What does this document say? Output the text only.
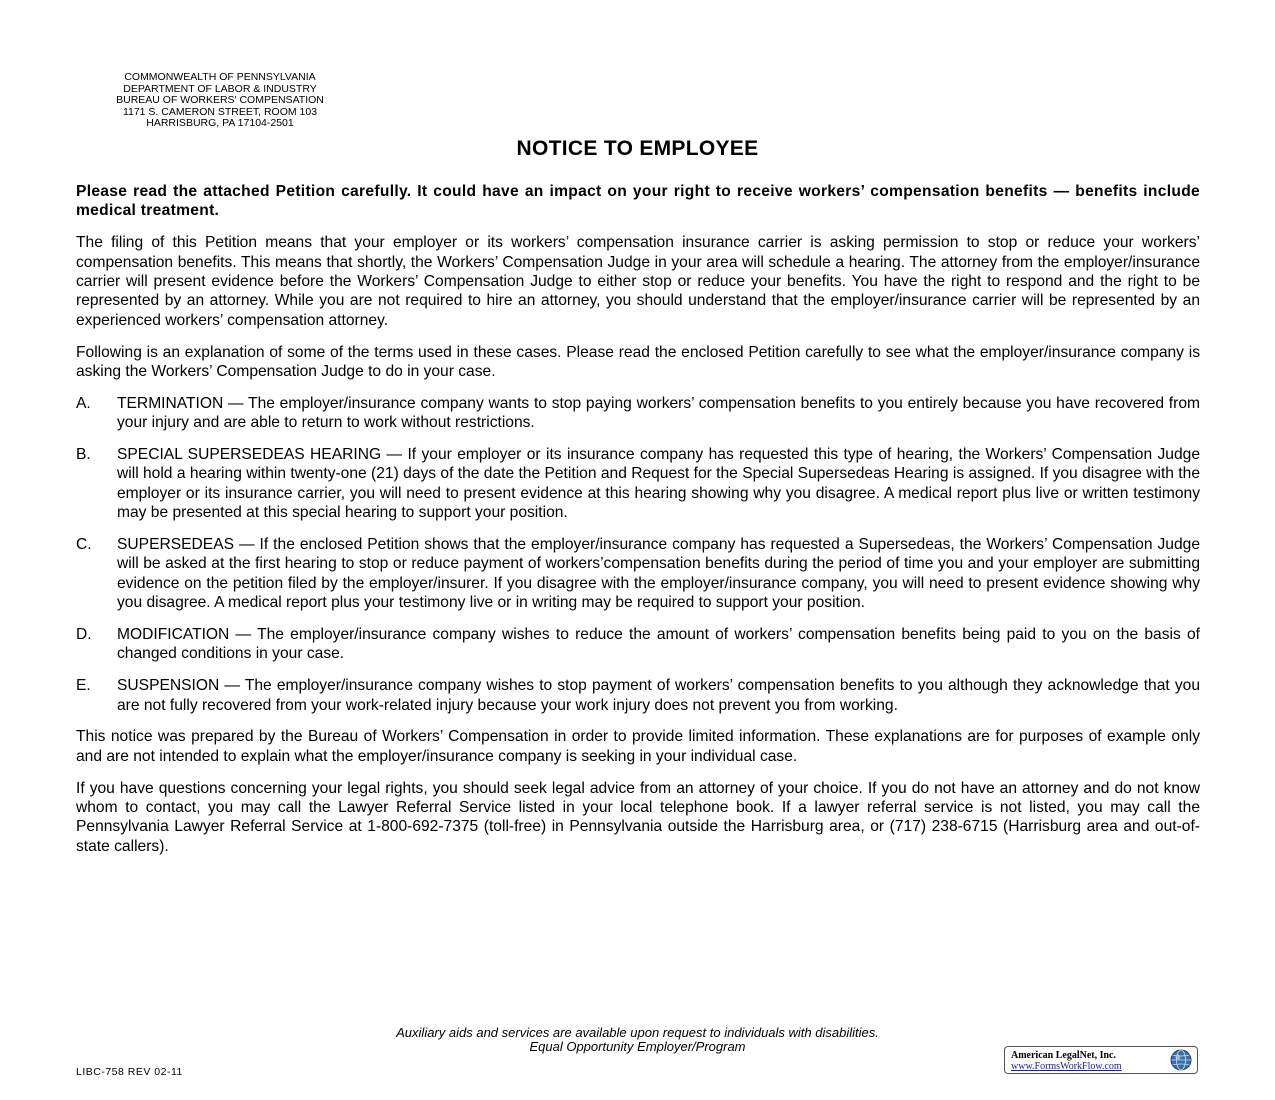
COMMONWEALTH OF PENNSYLVANIA
DEPARTMENT OF LABOR & INDUSTRY
BUREAU OF WORKERS' COMPENSATION
1171 S. CAMERON STREET, ROOM 103
HARRISBURG, PA 17104-2501
NOTICE TO EMPLOYEE

Please read the attached Petition carefully. It could have an impact on your right to receive workers’ compensation benefits — benefits include medical treatment.

The filing of this Petition means that your employer or its workers’ compensation insurance carrier is asking permission to stop or reduce your workers’ compensation benefits. This means that shortly, the Workers’ Compensation Judge in your area will schedule a hearing. The attorney from the employer/insurance carrier will present evidence before the Workers’ Compensation Judge to either stop or reduce your benefits. You have the right to respond and the right to be represented by an attorney. While you are not required to hire an attorney, you should understand that the employer/insurance carrier will be represented by an experienced workers’ compensation attorney.

Following is an explanation of some of the terms used in these cases. Please read the enclosed Petition carefully to see what the employer/insurance company is asking the Workers’ Compensation Judge to do in your case.

A.	TERMINATION — The employer/insurance company wants to stop paying workers’ compensation benefits to you entirely because you have recovered from your injury and are able to return to work without restrictions.
B.	SPECIAL SUPERSEDEAS HEARING — If your employer or its insurance company has requested this type of hearing, the Workers’ Compensation Judge will hold a hearing within twenty-one (21) days of the date the Petition and Request for the Special Supersedeas Hearing is assigned. If you disagree with the employer or its insurance carrier, you will need to present evidence at this hearing showing why you disagree. A medical report plus live or written testimony may be presented at this special hearing to support your position.
C.	SUPERSEDEAS — If the enclosed Petition shows that the employer/insurance company has requested a Supersedeas, the Workers’ Compensation Judge will be asked at the first hearing to stop or reduce payment of workers’compensation benefits during the period of time you and your employer are submitting evidence on the petition filed by the employer/insurer. If you disagree with the employer/insurance company, you will need to present evidence showing why you disagree. A medical report plus your testimony live or in writing may be required to support your position.
D.	MODIFICATION — The employer/insurance company wishes to reduce the amount of workers’ compensation benefits being paid to you on the basis of changed conditions in your case.
E.	SUSPENSION — The employer/insurance company wishes to stop payment of workers’ compensation benefits to you although they acknowledge that you are not fully recovered from your work-related injury because your work injury does not prevent you from working.

This notice was prepared by the Bureau of Workers’ Compensation in order to provide limited information. These explanations are for purposes of example only and are not intended to explain what the employer/insurance company is seeking in your individual case.

If you have questions concerning your legal rights, you should seek legal advice from an attorney of your choice. If you do not have an attorney and do not know whom to contact, you may call the Lawyer Referral Service listed in your local telephone book. If a lawyer referral service is not listed, you may call the Pennsylvania Lawyer Referral Service at 1-800-692-7375 (toll-free) in Pennsylvania outside the Harrisburg area, or (717) 238-6715 (Harrisburg area and out-of-state callers).

Auxiliary aids and services are available upon request to individuals with disabilities.
Equal Opportunity Employer/Program
LIBC-758 REV 02-11
American LegalNet, Inc.
www.FormsWorkFlow.com
